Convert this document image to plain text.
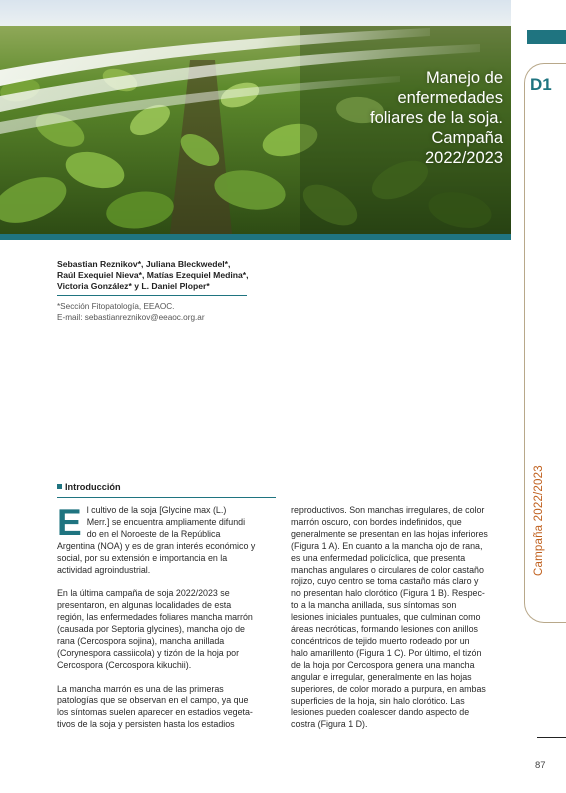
Manejo de
enfermedades
foliares de la soja.
Campaña
2022/2023
D1
Campaña 2022/2023
87
Sebastian Reznikov*, Juliana Bleckwedel*,
Raúl Exequiel Nieva*, Matías Ezequiel Medina*,
Victoria González* y L. Daniel Ploper*
*Sección Fitopatología, EEAOC.
E-mail: sebastianreznikov@eeaoc.org.ar
Introducción

E l cultivo de la soja [Glycine max (L.)
Merr.] se encuentra ampliamente difundi
do en el Noroeste de la República
Argentina (NOA) y es de gran interés económico y
social, por su extensión e importancia en la
actividad agroindustrial.

En la última campaña de soja 2022/2023 se
presentaron, en algunas localidades de esta
región, las enfermedades foliares mancha marrón
(causada por Septoria glycines), mancha ojo de
rana (Cercospora sojina), mancha anillada
(Corynespora cassiicola) y tizón de la hoja por
Cercospora (Cercospora kikuchii).

La mancha marrón es una de las primeras
patologías que se observan en el campo, ya que
los síntomas suelen aparecer en estadios vegeta-
tivos de la soja y persisten hasta los estadios

reproductivos. Son manchas irregulares, de color
marrón oscuro, con bordes indefinidos, que
generalmente se presentan en las hojas inferiores
(Figura 1 A). En cuanto a la mancha ojo de rana,
es una enfermedad policíclica, que presenta
manchas angulares o circulares de color castaño
rojizo, cuyo centro se toma castaño más claro y
no presentan halo clorótico (Figura 1 B). Respec-
to a la mancha anillada, sus síntomas son
lesiones iniciales puntuales, que culminan como
áreas necróticas, formando lesiones con anillos
concéntricos de tejido muerto rodeado por un
halo amarillento (Figura 1 C). Por último, el tizón
de la hoja por Cercospora genera una mancha
angular e irregular, generalmente en las hojas
superiores, de color morado a purpura, en ambas
superficies de la hoja, sin halo clorótico. Las
lesiones pueden coalescer dando aspecto de
costra (Figura 1 D).
